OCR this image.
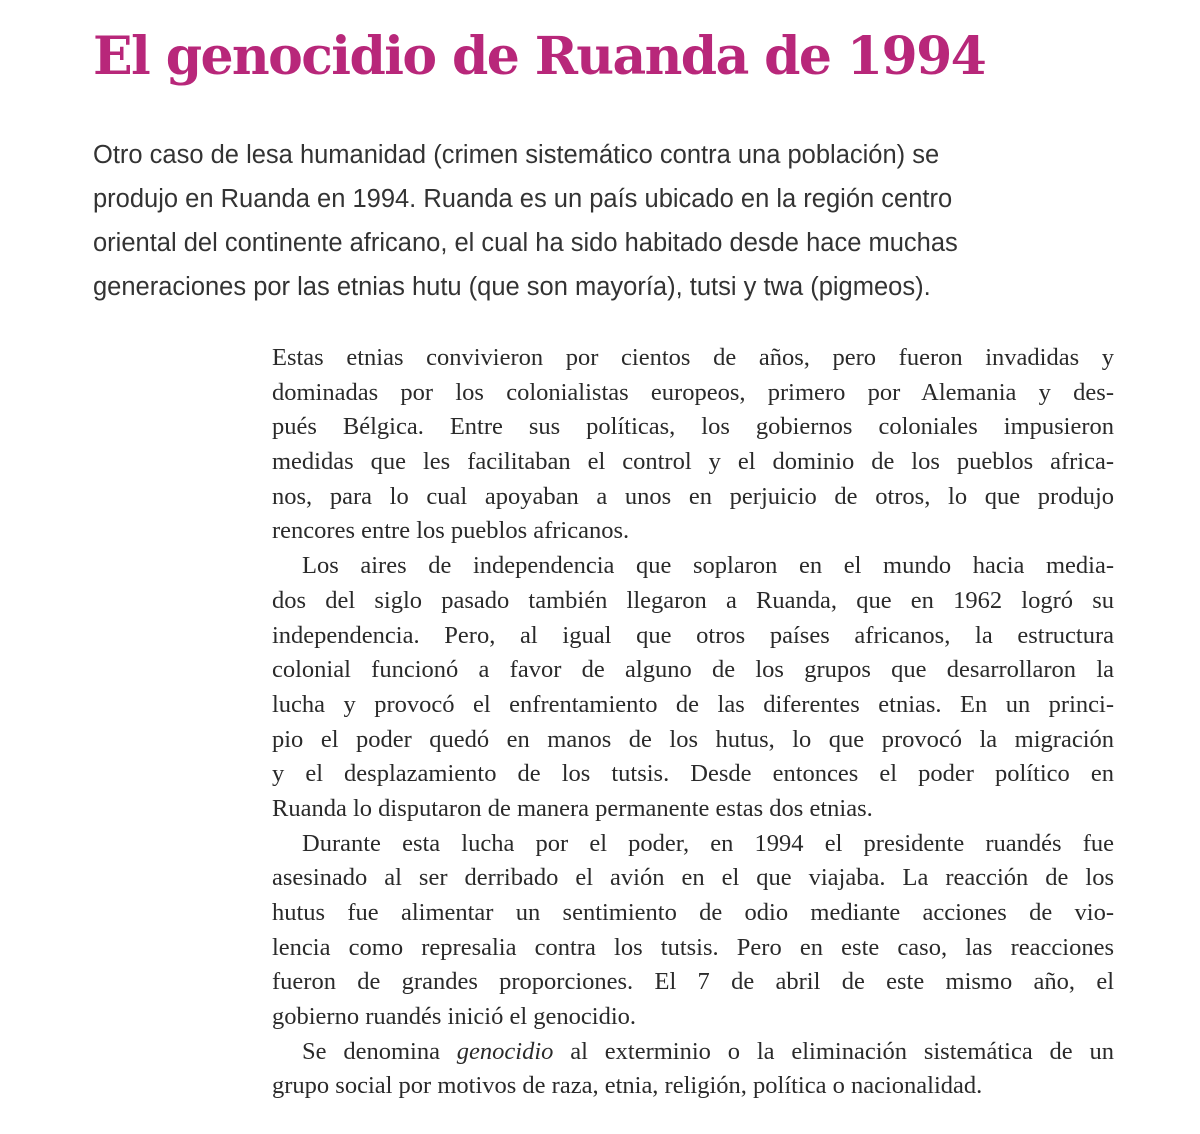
El genocidio de Ruanda de 1994

Otro caso de lesa humanidad (crimen sistemático contra una población) se
produjo en Ruanda en 1994. Ruanda es un país ubicado en la región centro
oriental del continente africano, el cual ha sido habitado desde hace muchas
generaciones por las etnias hutu (que son mayoría), tutsi y twa (pigmeos).

Estas etnias convivieron por cientos de años, pero fueron invadidas y
dominadas por los colonialistas europeos, primero por Alemania y des-
pués Bélgica. Entre sus políticas, los gobiernos coloniales impusieron
medidas que les facilitaban el control y el dominio de los pueblos africa-
nos, para lo cual apoyaban a unos en perjuicio de otros, lo que produjo
rencores entre los pueblos africanos.

Los aires de independencia que soplaron en el mundo hacia media-
dos del siglo pasado también llegaron a Ruanda, que en 1962 logró su
independencia. Pero, al igual que otros países africanos, la estructura
colonial funcionó a favor de alguno de los grupos que desarrollaron la
lucha y provocó el enfrentamiento de las diferentes etnias. En un princi-
pio el poder quedó en manos de los hutus, lo que provocó la migración
y el desplazamiento de los tutsis. Desde entonces el poder político en
Ruanda lo disputaron de manera permanente estas dos etnias.

Durante esta lucha por el poder, en 1994 el presidente ruandés fue
asesinado al ser derribado el avión en el que viajaba. La reacción de los
hutus fue alimentar un sentimiento de odio mediante acciones de vio-
lencia como represalia contra los tutsis. Pero en este caso, las reacciones
fueron de grandes proporciones. El 7 de abril de este mismo año, el
gobierno ruandés inició el genocidio.

Se denomina genocidio al exterminio o la eliminación sistemática de un
grupo social por motivos de raza, etnia, religión, política o nacionalidad.
